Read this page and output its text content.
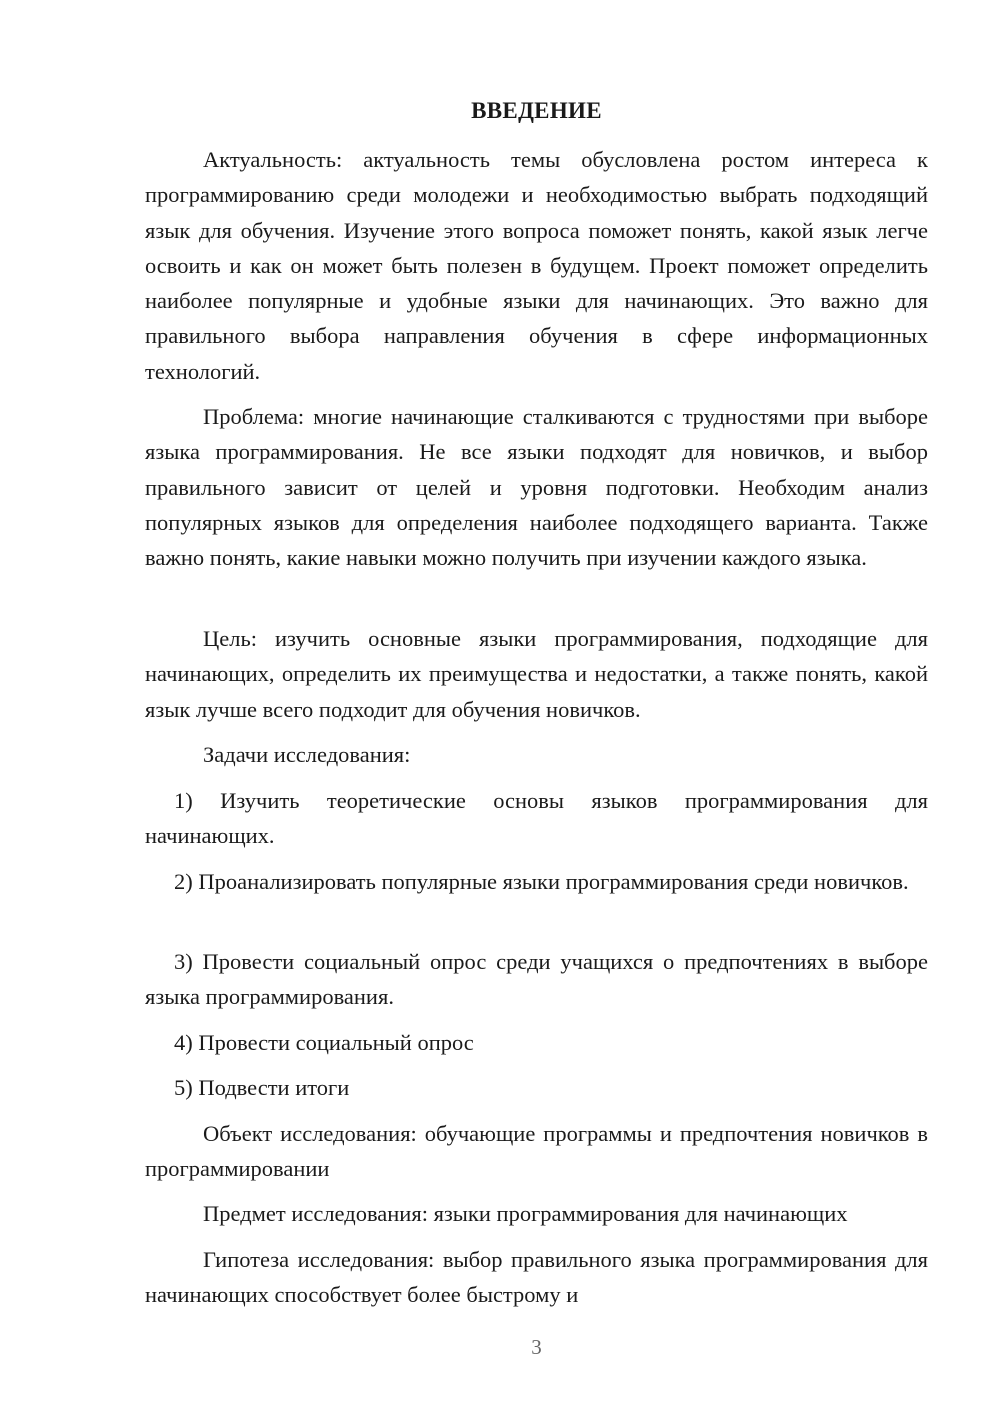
ВВЕДЕНИЕ

Актуальность: актуальность темы обусловлена ростом интереса к программированию среди молодежи и необходимостью выбрать подходящий язык для обучения. Изучение этого вопроса поможет понять, какой язык легче освоить и как он может быть полезен в будущем. Проект поможет определить наиболее популярные и удобные языки для начинающих. Это важно для правильного выбора направления обучения в сфере информационных технологий.

Проблема: многие начинающие сталкиваются с трудностями при выборе языка программирования. Не все языки подходят для новичков, и выбор правильного зависит от целей и уровня подготовки. Необходим анализ популярных языков для определения наиболее подходящего варианта. Также важно понять, какие навыки можно получить при изучении каждого языка.

Цель: изучить основные языки программирования, подходящие для начинающих, определить их преимущества и недостатки, а также понять, какой язык лучше всего подходит для обучения новичков.

Задачи исследования:

1) Изучить теоретические основы языков программирования для начинающих.

2) Проанализировать популярные языки программирования среди новичков.

3) Провести социальный опрос среди учащихся о предпочтениях в выборе языка программирования.

4) Провести социальный опрос

5) Подвести итоги

Объект исследования: обучающие программы и предпочтения новичков в программировании

Предмет исследования: языки программирования для начинающих

Гипотеза исследования: выбор правильного языка программирования для начинающих способствует более быстрому и

3
